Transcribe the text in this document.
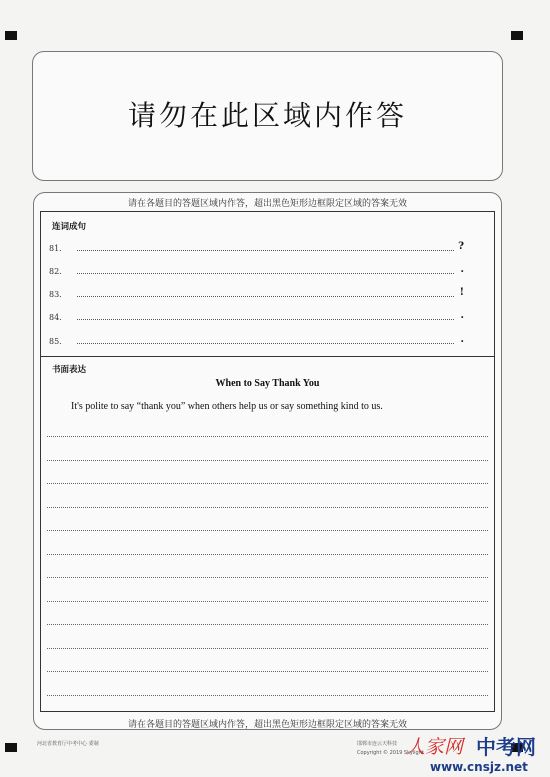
请勿在此区域内作答
请在各题目的答题区域内作答，超出黑色矩形边框限定区域的答案无效
连词成句
81.	?
82.	.
83.	!
84.	.
85.	.
书面表达
When to Say Thank You
It's polite to say “thank you” when others help us or say something kind to us.
请在各题目的答题区域内作答，超出黑色矩形边框限定区域的答案无效
河北省教育厅中考中心 委制	邯郸市连云天科技
Copyright © 2019 Skylight
人家网 中考网
www.cnsjz.net
